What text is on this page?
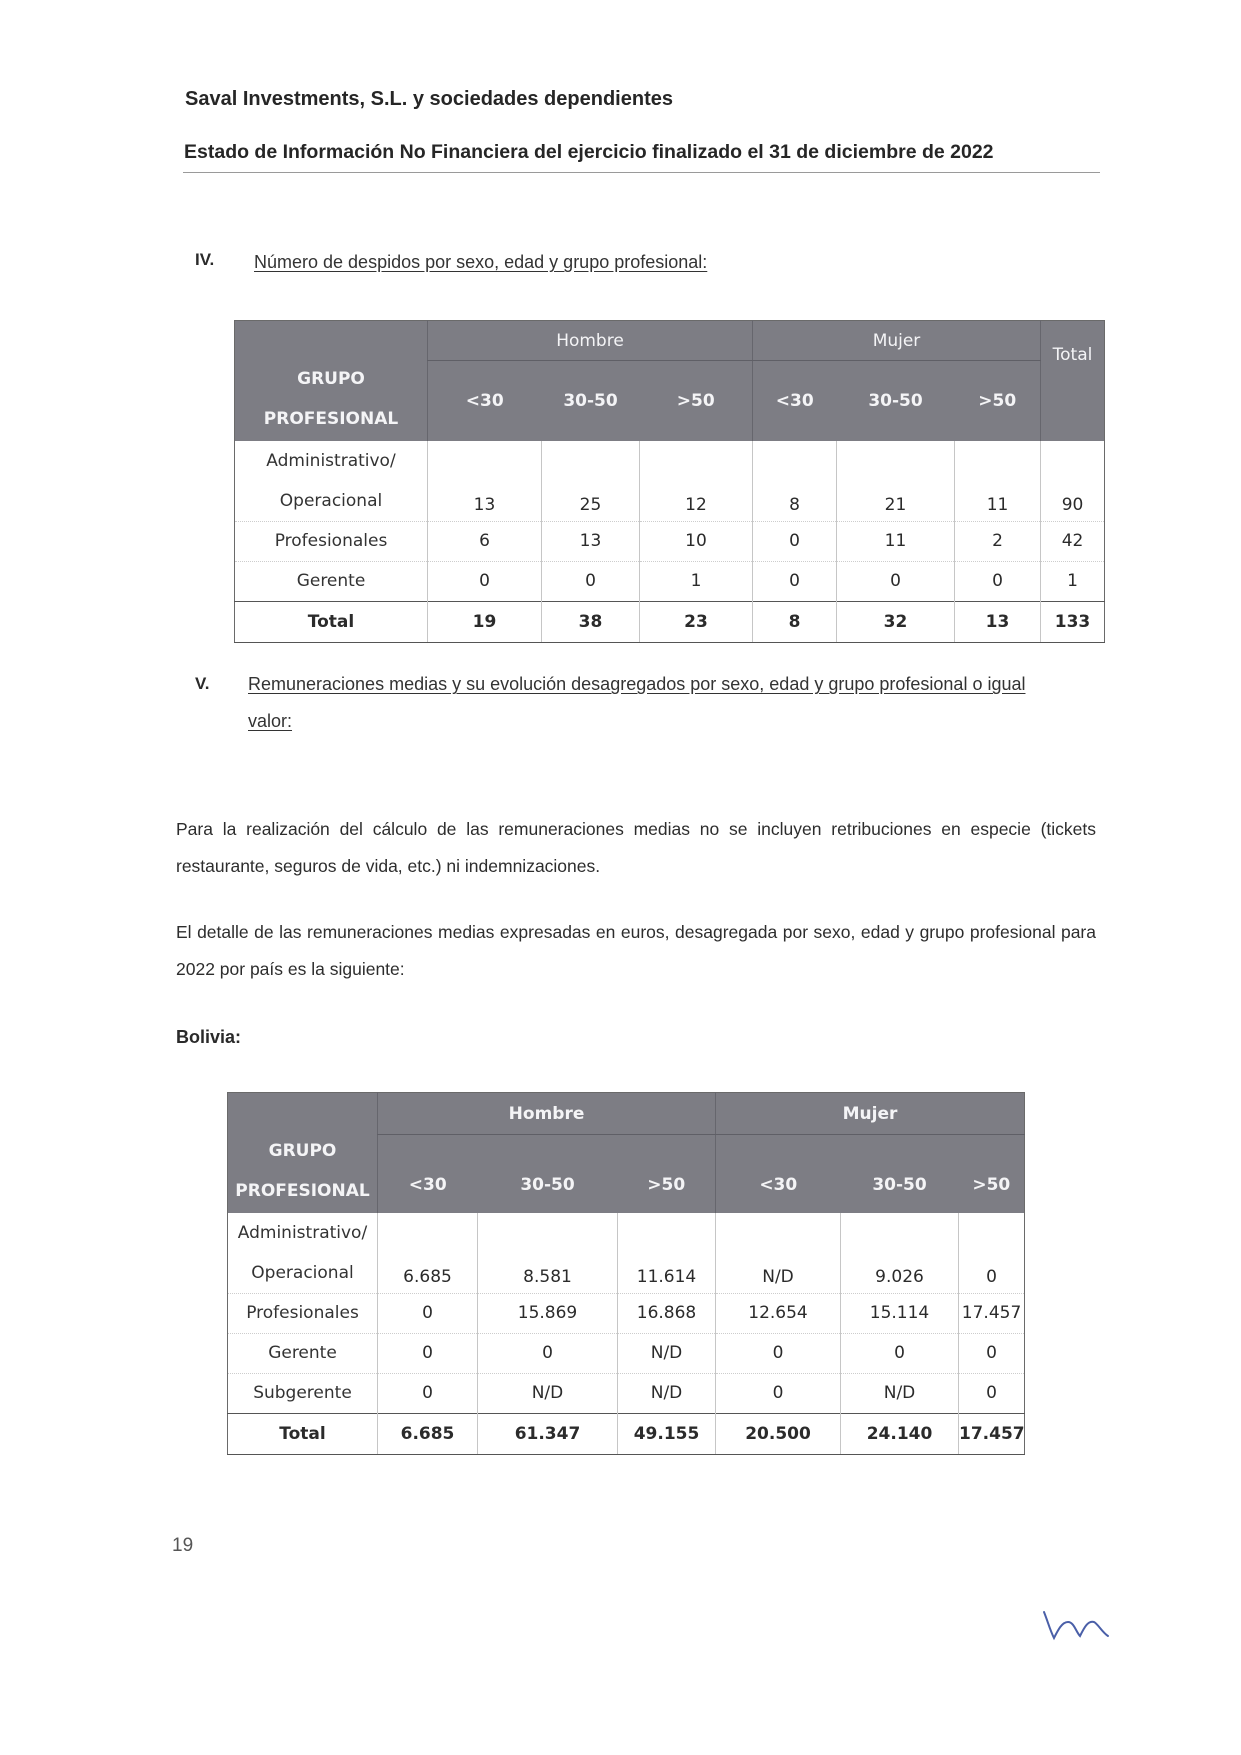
Saval Investments, S.L. y sociedades dependientes
Estado de Información No Financiera del ejercicio finalizado el 31 de diciembre de 2022
IV. Número de despidos por sexo, edad y grupo profesional:
GRUPO
PROFESIONAL	Hombre			Mujer			Total
	<30	30-50	>50	<30	30-50	>50	

Administrativo/
Operacional	13	25	12	8	21	11	90
Profesionales	6	13	10	0	11	2	42
Gerente	0	0	1	0	0	0	1
Total	19	38	23	8	32	13	133
V. Remuneraciones medias y su evolución desagregados por sexo, edad y grupo profesional o igual
valor:
Para la realización del cálculo de las remuneraciones medias no se incluyen retribuciones en especie (tickets restaurante, seguros de vida, etc.) ni indemnizaciones.
El detalle de las remuneraciones medias expresadas en euros, desagregada por sexo, edad y grupo profesional para 2022 por país es la siguiente:
Bolivia:
GRUPO
PROFESIONAL	Hombre			Mujer		
	<30	30-50	>50	<30	30-50	>50

Administrativo/
Operacional	6.685	8.581	11.614	N/D	9.026	0
Profesionales	0	15.869	16.868	12.654	15.114	17.457
Gerente	0	0	N/D	0	0	0
Subgerente	0	N/D	N/D	0	N/D	0
Total	6.685	61.347	49.155	20.500	24.140	17.457
19
